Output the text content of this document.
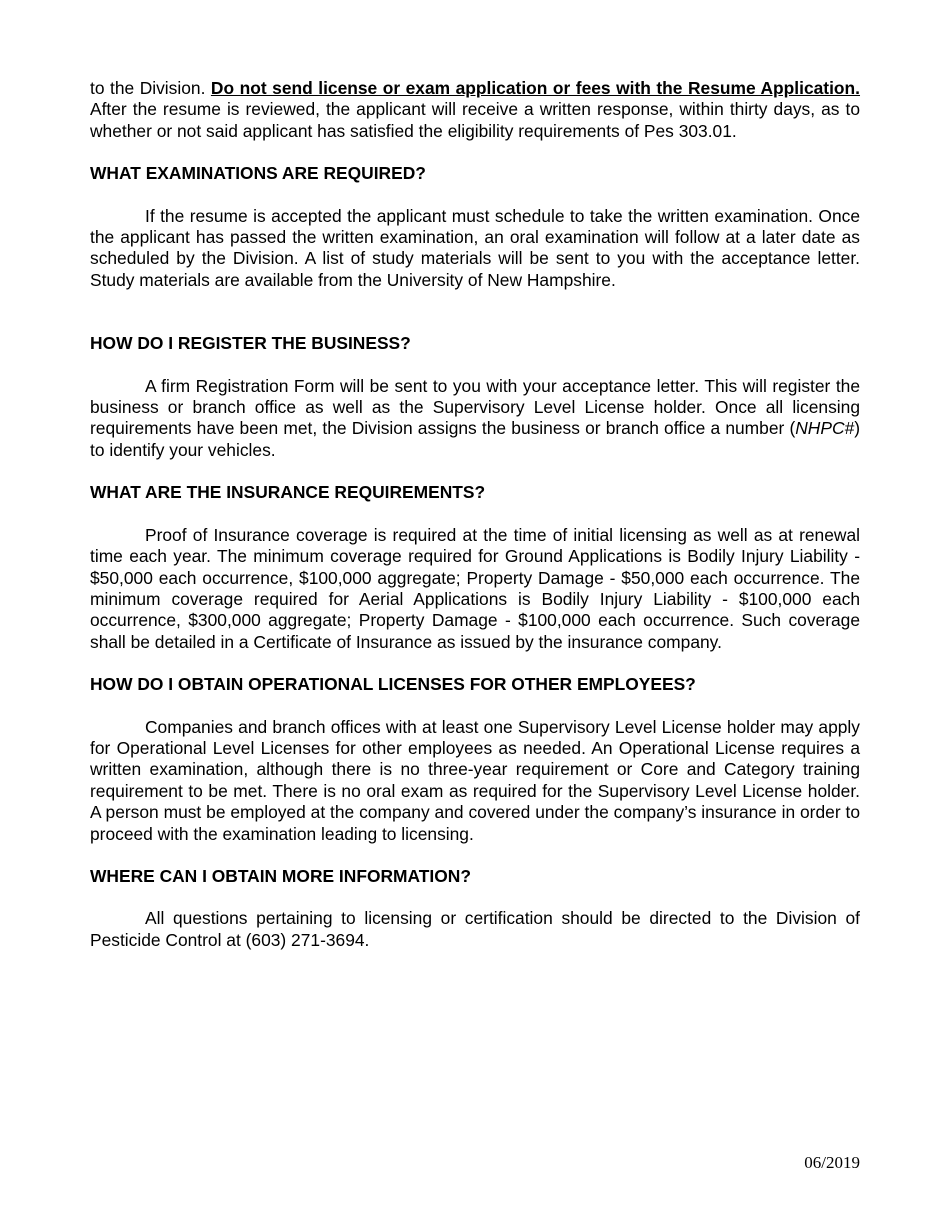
to the Division. Do not send license or exam application or fees with the Resume Application. After the resume is reviewed, the applicant will receive a written response, within thirty days, as to whether or not said applicant has satisfied the eligibility requirements of Pes 303.01.

WHAT EXAMINATIONS ARE REQUIRED?

If the resume is accepted the applicant must schedule to take the written examination. Once the applicant has passed the written examination, an oral examination will follow at a later date as scheduled by the Division. A list of study materials will be sent to you with the acceptance letter. Study materials are available from the University of New Hampshire.

HOW DO I REGISTER THE BUSINESS?

A firm Registration Form will be sent to you with your acceptance letter. This will register the business or branch office as well as the Supervisory Level License holder. Once all licensing requirements have been met, the Division assigns the business or branch office a number (NHPC#) to identify your vehicles.

WHAT ARE THE INSURANCE REQUIREMENTS?

Proof of Insurance coverage is required at the time of initial licensing as well as at renewal time each year. The minimum coverage required for Ground Applications is Bodily Injury Liability - $50,000 each occurrence, $100,000 aggregate; Property Damage - $50,000 each occurrence. The minimum coverage required for Aerial Applications is Bodily Injury Liability - $100,000 each occurrence, $300,000 aggregate; Property Damage - $100,000 each occurrence. Such coverage shall be detailed in a Certificate of Insurance as issued by the insurance company.

HOW DO I OBTAIN OPERATIONAL LICENSES FOR OTHER EMPLOYEES?

Companies and branch offices with at least one Supervisory Level License holder may apply for Operational Level Licenses for other employees as needed. An Operational License requires a written examination, although there is no three-year requirement or Core and Category training requirement to be met. There is no oral exam as required for the Supervisory Level License holder. A person must be employed at the company and covered under the company’s insurance in order to proceed with the examination leading to licensing.

WHERE CAN I OBTAIN MORE INFORMATION?

All questions pertaining to licensing or certification should be directed to the Division of Pesticide Control at (603) 271-3694.

06/2019
